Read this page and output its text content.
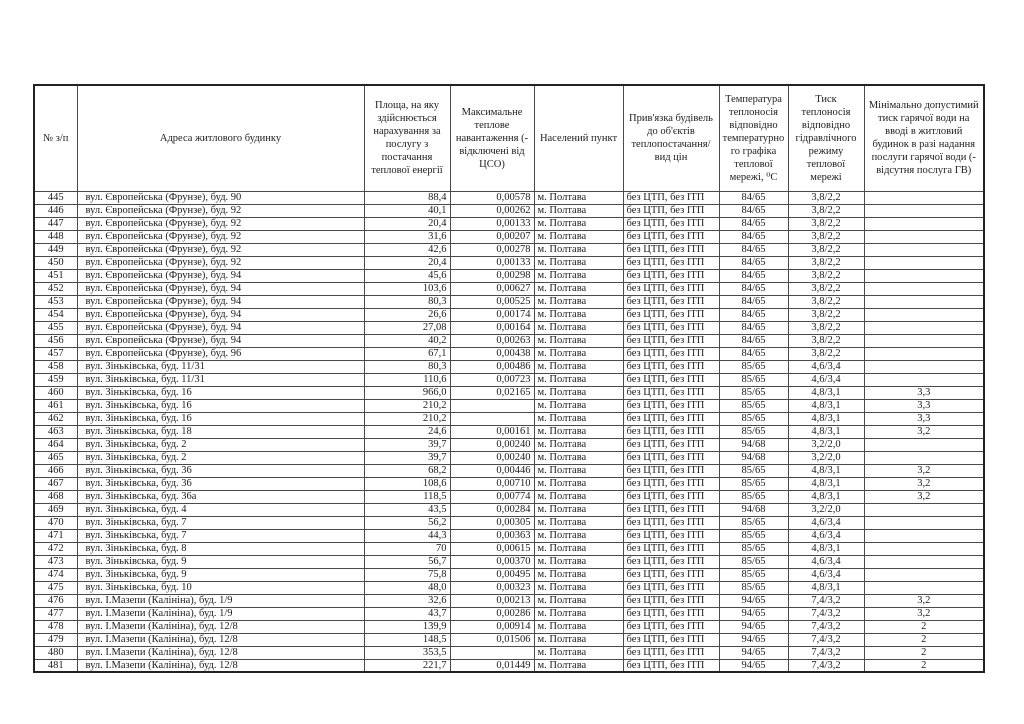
№ з/п	Адреса житлового будинку	Площа, на яку здійснюється нарахування за послугу з постачання теплової енергії	Максимальне теплове навантаження (-відключені від ЦСО)	Населений пункт	Прив'язка будівель до об'єктів теплопостачання/ вид цін	Температура теплоносія відповідно температурного графіка теплової мережі, ⁰С	Тиск теплоносія відповідно гідравлічного режиму теплової мережі	Мінімально допустимий тиск гарячої води на вводі в житловий будинок в разі надання послуги гарячої води (-відсутня послуга ГВ)
445	вул. Європейська (Фрунзе), буд. 90	88,4	0,00578	м. Полтава	без ЦТП, без ІТП	84/65	3,8/2,2	
446	вул. Європейська (Фрунзе), буд. 92	40,1	0,00262	м. Полтава	без ЦТП, без ІТП	84/65	3,8/2,2	
447	вул. Європейська (Фрунзе), буд. 92	20,4	0,00133	м. Полтава	без ЦТП, без ІТП	84/65	3,8/2,2	
448	вул. Європейська (Фрунзе), буд. 92	31,6	0,00207	м. Полтава	без ЦТП, без ІТП	84/65	3,8/2,2	
449	вул. Європейська (Фрунзе), буд. 92	42,6	0,00278	м. Полтава	без ЦТП, без ІТП	84/65	3,8/2,2	
450	вул. Європейська (Фрунзе), буд. 92	20,4	0,00133	м. Полтава	без ЦТП, без ІТП	84/65	3,8/2,2	
451	вул. Європейська (Фрунзе), буд. 94	45,6	0,00298	м. Полтава	без ЦТП, без ІТП	84/65	3,8/2,2	
452	вул. Європейська (Фрунзе), буд. 94	103,6	0,00627	м. Полтава	без ЦТП, без ІТП	84/65	3,8/2,2	
453	вул. Європейська (Фрунзе), буд. 94	80,3	0,00525	м. Полтава	без ЦТП, без ІТП	84/65	3,8/2,2	
454	вул. Європейська (Фрунзе), буд. 94	26,6	0,00174	м. Полтава	без ЦТП, без ІТП	84/65	3,8/2,2	
455	вул. Європейська (Фрунзе), буд. 94	27,08	0,00164	м. Полтава	без ЦТП, без ІТП	84/65	3,8/2,2	
456	вул. Європейська (Фрунзе), буд. 94	40,2	0,00263	м. Полтава	без ЦТП, без ІТП	84/65	3,8/2,2	
457	вул. Європейська (Фрунзе), буд. 96	67,1	0,00438	м. Полтава	без ЦТП, без ІТП	84/65	3,8/2,2	
458	вул. Зіньківська, буд. 11/31	80,3	0,00486	м. Полтава	без ЦТП, без ІТП	85/65	4,6/3,4	
459	вул. Зіньківська, буд. 11/31	110,6	0,00723	м. Полтава	без ЦТП, без ІТП	85/65	4,6/3,4	
460	вул. Зіньківська, буд. 16	966,0	0,02165	м. Полтава	без ЦТП, без ІТП	85/65	4,8/3,1	3,3
461	вул. Зіньківська, буд. 16	210,2		м. Полтава	без ЦТП, без ІТП	85/65	4,8/3,1	3,3
462	вул. Зіньківська, буд. 16	210,2		м. Полтава	без ЦТП, без ІТП	85/65	4,8/3,1	3,3
463	вул. Зіньківська, буд. 18	24,6	0,00161	м. Полтава	без ЦТП, без ІТП	85/65	4,8/3,1	3,2
464	вул. Зіньківська, буд. 2	39,7	0,00240	м. Полтава	без ЦТП, без ІТП	94/68	3,2/2,0	
465	вул. Зіньківська, буд. 2	39,7	0,00240	м. Полтава	без ЦТП, без ІТП	94/68	3,2/2,0	
466	вул. Зіньківська, буд. 36	68,2	0,00446	м. Полтава	без ЦТП, без ІТП	85/65	4,8/3,1	3,2
467	вул. Зіньківська, буд. 36	108,6	0,00710	м. Полтава	без ЦТП, без ІТП	85/65	4,8/3,1	3,2
468	вул. Зіньківська, буд. 36а	118,5	0,00774	м. Полтава	без ЦТП, без ІТП	85/65	4,8/3,1	3,2
469	вул. Зіньківська, буд. 4	43,5	0,00284	м. Полтава	без ЦТП, без ІТП	94/68	3,2/2,0	
470	вул. Зіньківська, буд. 7	56,2	0,00305	м. Полтава	без ЦТП, без ІТП	85/65	4,6/3,4	
471	вул. Зіньківська, буд. 7	44,3	0,00363	м. Полтава	без ЦТП, без ІТП	85/65	4,6/3,4	
472	вул. Зіньківська, буд. 8	70	0,00615	м. Полтава	без ЦТП, без ІТП	85/65	4,8/3,1	
473	вул. Зіньківська, буд. 9	56,7	0,00370	м. Полтава	без ЦТП, без ІТП	85/65	4,6/3,4	
474	вул. Зіньківська, буд. 9	75,8	0,00495	м. Полтава	без ЦТП, без ІТП	85/65	4,6/3,4	
475	вул. Зіньківська, буд. 10	48,0	0,00323	м. Полтава	без ЦТП, без ІТП	85/65	4,8/3,1	
476	вул. І.Мазепи (Калініна), буд. 1/9	32,6	0,00213	м. Полтава	без ЦТП, без ІТП	94/65	7,4/3,2	3,2
477	вул. І.Мазепи (Калініна), буд. 1/9	43,7	0,00286	м. Полтава	без ЦТП, без ІТП	94/65	7,4/3,2	3,2
478	вул. І.Мазепи (Калініна), буд. 12/8	139,9	0,00914	м. Полтава	без ЦТП, без ІТП	94/65	7,4/3,2	2
479	вул. І.Мазепи (Калініна), буд. 12/8	148,5	0,01506	м. Полтава	без ЦТП, без ІТП	94/65	7,4/3,2	2
480	вул. І.Мазепи (Калініна), буд. 12/8	353,5		м. Полтава	без ЦТП, без ІТП	94/65	7,4/3,2	2
481	вул. І.Мазепи (Калініна), буд. 12/8	221,7	0,01449	м. Полтава	без ЦТП, без ІТП	94/65	7,4/3,2	2
